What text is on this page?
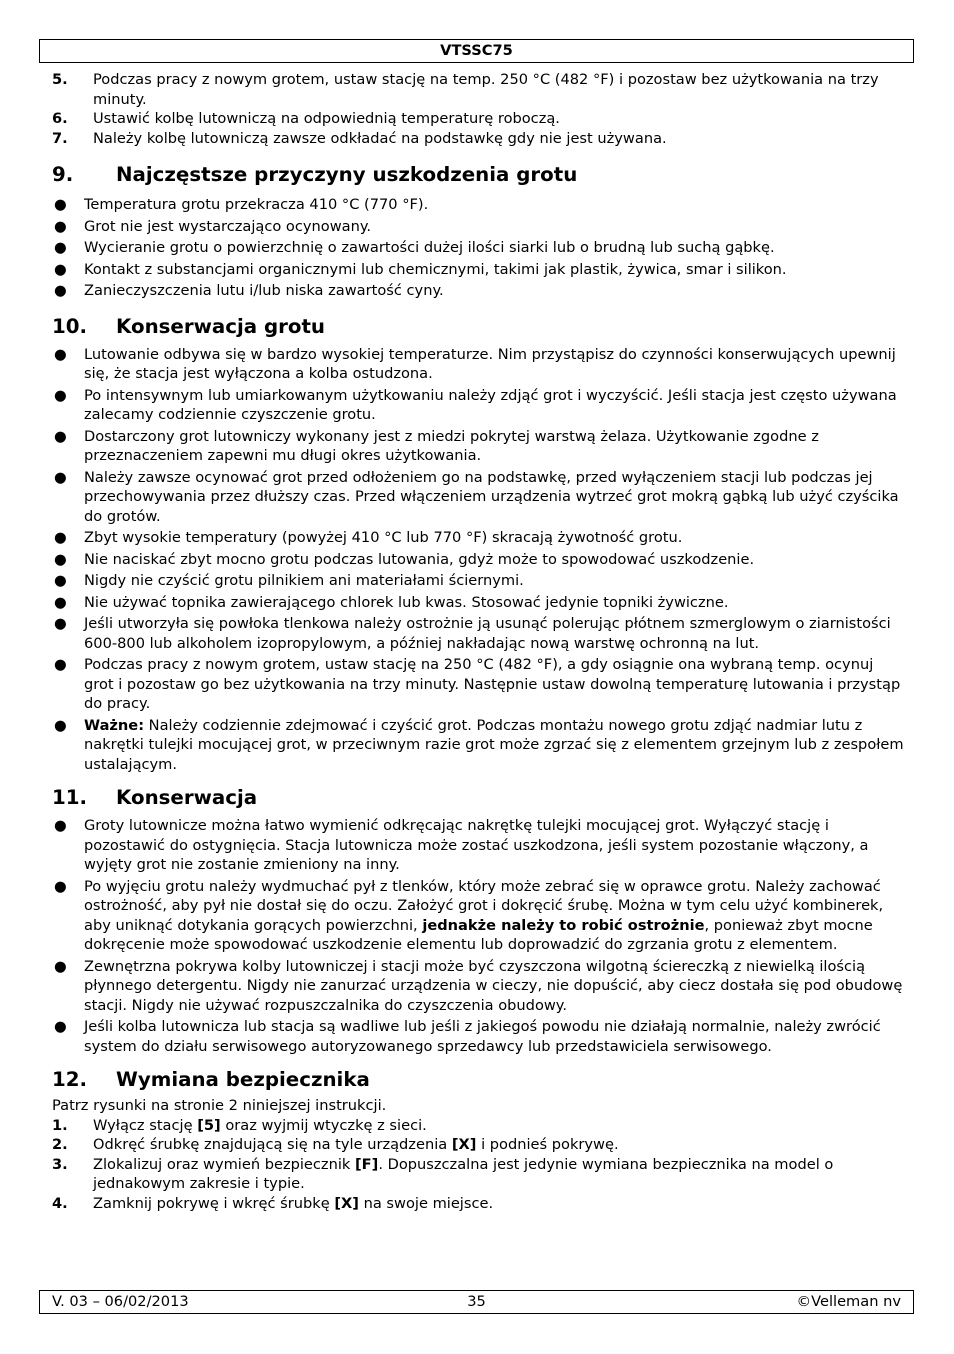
VTSSC75
5. Podczas pracy z nowym grotem, ustaw stację na temp. 250 °C (482 °F) i pozostaw bez użytkowania na trzy minuty.
6. Ustawić kolbę lutowniczą na odpowiednią temperaturę roboczą.
7. Należy kolbę lutowniczą zawsze odkładać na podstawkę gdy nie jest używana.
9. Najczęstsze przyczyny uszkodzenia grotu
● Temperatura grotu przekracza 410 °C (770 °F).
● Grot nie jest wystarczająco ocynowany.
● Wycieranie grotu o powierzchnię o zawartości dużej ilości siarki lub o brudną lub suchą gąbkę.
● Kontakt z substancjami organicznymi lub chemicznymi, takimi jak plastik, żywica, smar i silikon.
● Zanieczyszczenia lutu i/lub niska zawartość cyny.
10. Konserwacja grotu
● Lutowanie odbywa się w bardzo wysokiej temperaturze. Nim przystąpisz do czynności konserwujących upewnij się, że stacja jest wyłączona a kolba ostudzona.
● Po intensywnym lub umiarkowanym użytkowaniu należy zdjąć grot i wyczyścić. Jeśli stacja jest często używana zalecamy codziennie czyszczenie grotu.
● Dostarczony grot lutowniczy wykonany jest z miedzi pokrytej warstwą żelaza. Użytkowanie zgodne z przeznaczeniem zapewni mu długi okres użytkowania.
● Należy zawsze ocynować grot przed odłożeniem go na podstawkę, przed wyłączeniem stacji lub podczas jej przechowywania przez dłuższy czas. Przed włączeniem urządzenia wytrzeć grot mokrą gąbką lub użyć czyścika do grotów.
● Zbyt wysokie temperatury (powyżej 410 °C lub 770 °F) skracają żywotność grotu.
● Nie naciskać zbyt mocno grotu podczas lutowania, gdyż może to spowodować uszkodzenie.
● Nigdy nie czyścić grotu pilnikiem ani materiałami ściernymi.
● Nie używać topnika zawierającego chlorek lub kwas. Stosować jedynie topniki żywiczne.
● Jeśli utworzyła się powłoka tlenkowa należy ostrożnie ją usunąć polerując płótnem szmerglowym o ziarnistości 600-800 lub alkoholem izopropylowym, a później nakładając nową warstwę ochronną na lut.
● Podczas pracy z nowym grotem, ustaw stację na 250 °C (482 °F), a gdy osiągnie ona wybraną temp. ocynuj grot i pozostaw go bez użytkowania na trzy minuty. Następnie ustaw dowolną temperaturę lutowania i przystąp do pracy.
● Ważne: Należy codziennie zdejmować i czyścić grot. Podczas montażu nowego grotu zdjąć nadmiar lutu z nakrętki tulejki mocującej grot, w przeciwnym razie grot może zgrzać się z elementem grzejnym lub z zespołem ustalającym.
11. Konserwacja
● Groty lutownicze można łatwo wymienić odkręcając nakrętkę tulejki mocującej grot. Wyłączyć stację i pozostawić do ostygnięcia. Stacja lutownicza może zostać uszkodzona, jeśli system pozostanie włączony, a wyjęty grot nie zostanie zmieniony na inny.
● Po wyjęciu grotu należy wydmuchać pył z tlenków, który może zebrać się w oprawce grotu. Należy zachować ostrożność, aby pył nie dostał się do oczu. Założyć grot i dokręcić śrubę. Można w tym celu użyć kombinerek, aby uniknąć dotykania gorących powierzchni, jednakże należy to robić ostrożnie, ponieważ zbyt mocne dokręcenie może spowodować uszkodzenie elementu lub doprowadzić do zgrzania grotu z elementem.
● Zewnętrzna pokrywa kolby lutowniczej i stacji może być czyszczona wilgotną ściereczką z niewielką ilością płynnego detergentu. Nigdy nie zanurzać urządzenia w cieczy, nie dopuścić, aby ciecz dostała się pod obudowę stacji. Nigdy nie używać rozpuszczalnika do czyszczenia obudowy.
● Jeśli kolba lutownicza lub stacja są wadliwe lub jeśli z jakiegoś powodu nie działają normalnie, należy zwrócić system do działu serwisowego autoryzowanego sprzedawcy lub przedstawiciela serwisowego.
12. Wymiana bezpiecznika
Patrz rysunki na stronie 2 niniejszej instrukcji.
1. Wyłącz stację [5] oraz wyjmij wtyczkę z sieci.
2. Odkręć śrubkę znajdującą się na tyle urządzenia [X] i podnieś pokrywę.
3. Zlokalizuj oraz wymień bezpiecznik [F]. Dopuszczalna jest jedynie wymiana bezpiecznika na model o jednakowym zakresie i typie.
4. Zamknij pokrywę i wkręć śrubkę [X] na swoje miejsce.
V. 03 – 06/02/2013	35	©Velleman nv
